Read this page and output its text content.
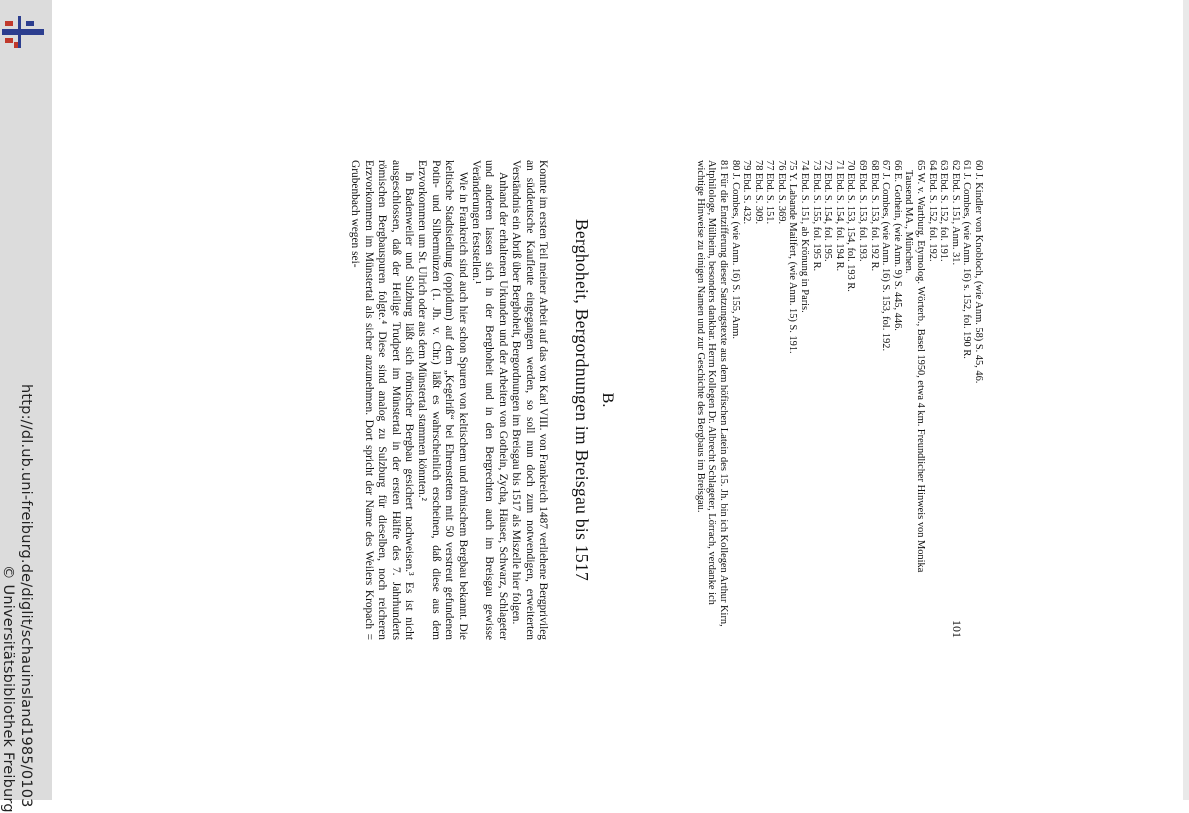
http://dl.ub.uni-freiburg.de/diglit/schauinsland1985/0103
© Universitätsbibliothek Freiburg
60 J. Kindler von Knobloch, (wie Anm. 58) S. 45, 46.
61 J. Combes, (wie Anm. 16) s. 152, fol. 190 R.
62 Ebd. S. 151, Anm. 31.
63 Ebd. S. 152, fol. 191.
64 Ebd. S. 152, fol. 192.
65 W. v. Wartburg, Etymolog. Wörterb., Basel 1950, etwa 4 km. Freundlicher Hinweis von Monika
Tausend MA., München.
66 E. Gothein, (wie Anm. 9) S. 445, 446.
67 J. Combes, (wie Anm. 16) S. 153, fol. 192.
68 Ebd. S. 153, fol. 192 R.
69 Ebd. S. 153, fol. 193.
70 Ebd. S. 153, 154, fol. 193 R.
71 Ebd. S. 154, fol. 194 R.
72 Ebd. S. 154, fol. 195.
73 Ebd. S. 155, fol. 195 R.
74 Ebd. S. 151, ab Krönung in Paris.
75 Y. Labande Mailfert, (wie Anm. 15) S. 191.
76 Ebd. S. 369.
77 Ebd. S. 151.
78 Ebd. S. 309.
79 Ebd. S. 432.
80 J. Combes, (wie Anm. 16) S. 155, Anm.
81 Für die Entzifferung dieser Satzungstexte aus dem höfischen Latein des 15. Jh. bin ich Kollegen Arthur Kirn, Altphilologe, Mülheim, besonders dankbar. Herrn Kollegen Dr. Albrecht Schlageter, Lörrach, verdanke ich wichtige Hinweise zu einigen Namen und zur Geschichte des Bergbaus im Breisgau.
B.
Berghoheit, Bergordnungen im Breisgau bis 1517

Konnte im ersten Teil meiner Arbeit auf das von Karl VIII. von Frankreich 1487 verliehene Bergprivileg an süddeutsche Kaufleute eingegangen werden, so soll nun doch zum notwendigen, erweiterten Verständnis ein Abriß über Berghoheit, Bergordnungen im Breisgau bis 1517 als Miszelle hier folgen.

Anhand der erhaltenen Urkunden und der Arbeiten von Gothein, Zycha, Häuser, Schwarz, Schlageter und anderen lassen sich in der Berghoheit und in den Bergrechten auch im Breisgau gewisse Veränderungen feststellen.¹

Wie in Frankreich sind auch hier schon Spuren von keltischem und römischem Bergbau bekannt. Die keltische Stadtsiedlung (oppidum) auf dem „Kegelriß“ bei Ehrenstetten mit 50 verstreut gefundenen Potin- und Silbermünzen (1. Jh. v. Chr.) läßt es wahrscheinlich erscheinen, daß diese aus dem Erzvorkommen um St. Ulrich oder aus dem Münstertal stammen könnten.²

In Badenweiler und Sulzburg läßt sich römischer Bergbau gesichert nachweisen.³ Es ist nicht ausgeschlossen, daß der Heilige Trudpert im Münstertal in der ersten Hälfte des 7. Jahrhunderts römischen Bergbauspuren folgte.⁴ Diese sind analog zu Sulzburg für dieselben, noch reicheren Erzvorkommen im Münstertal als sicher anzunehmen. Dort spricht der Name des Weilers Kropach = Grubenbach wegen sei-

101
